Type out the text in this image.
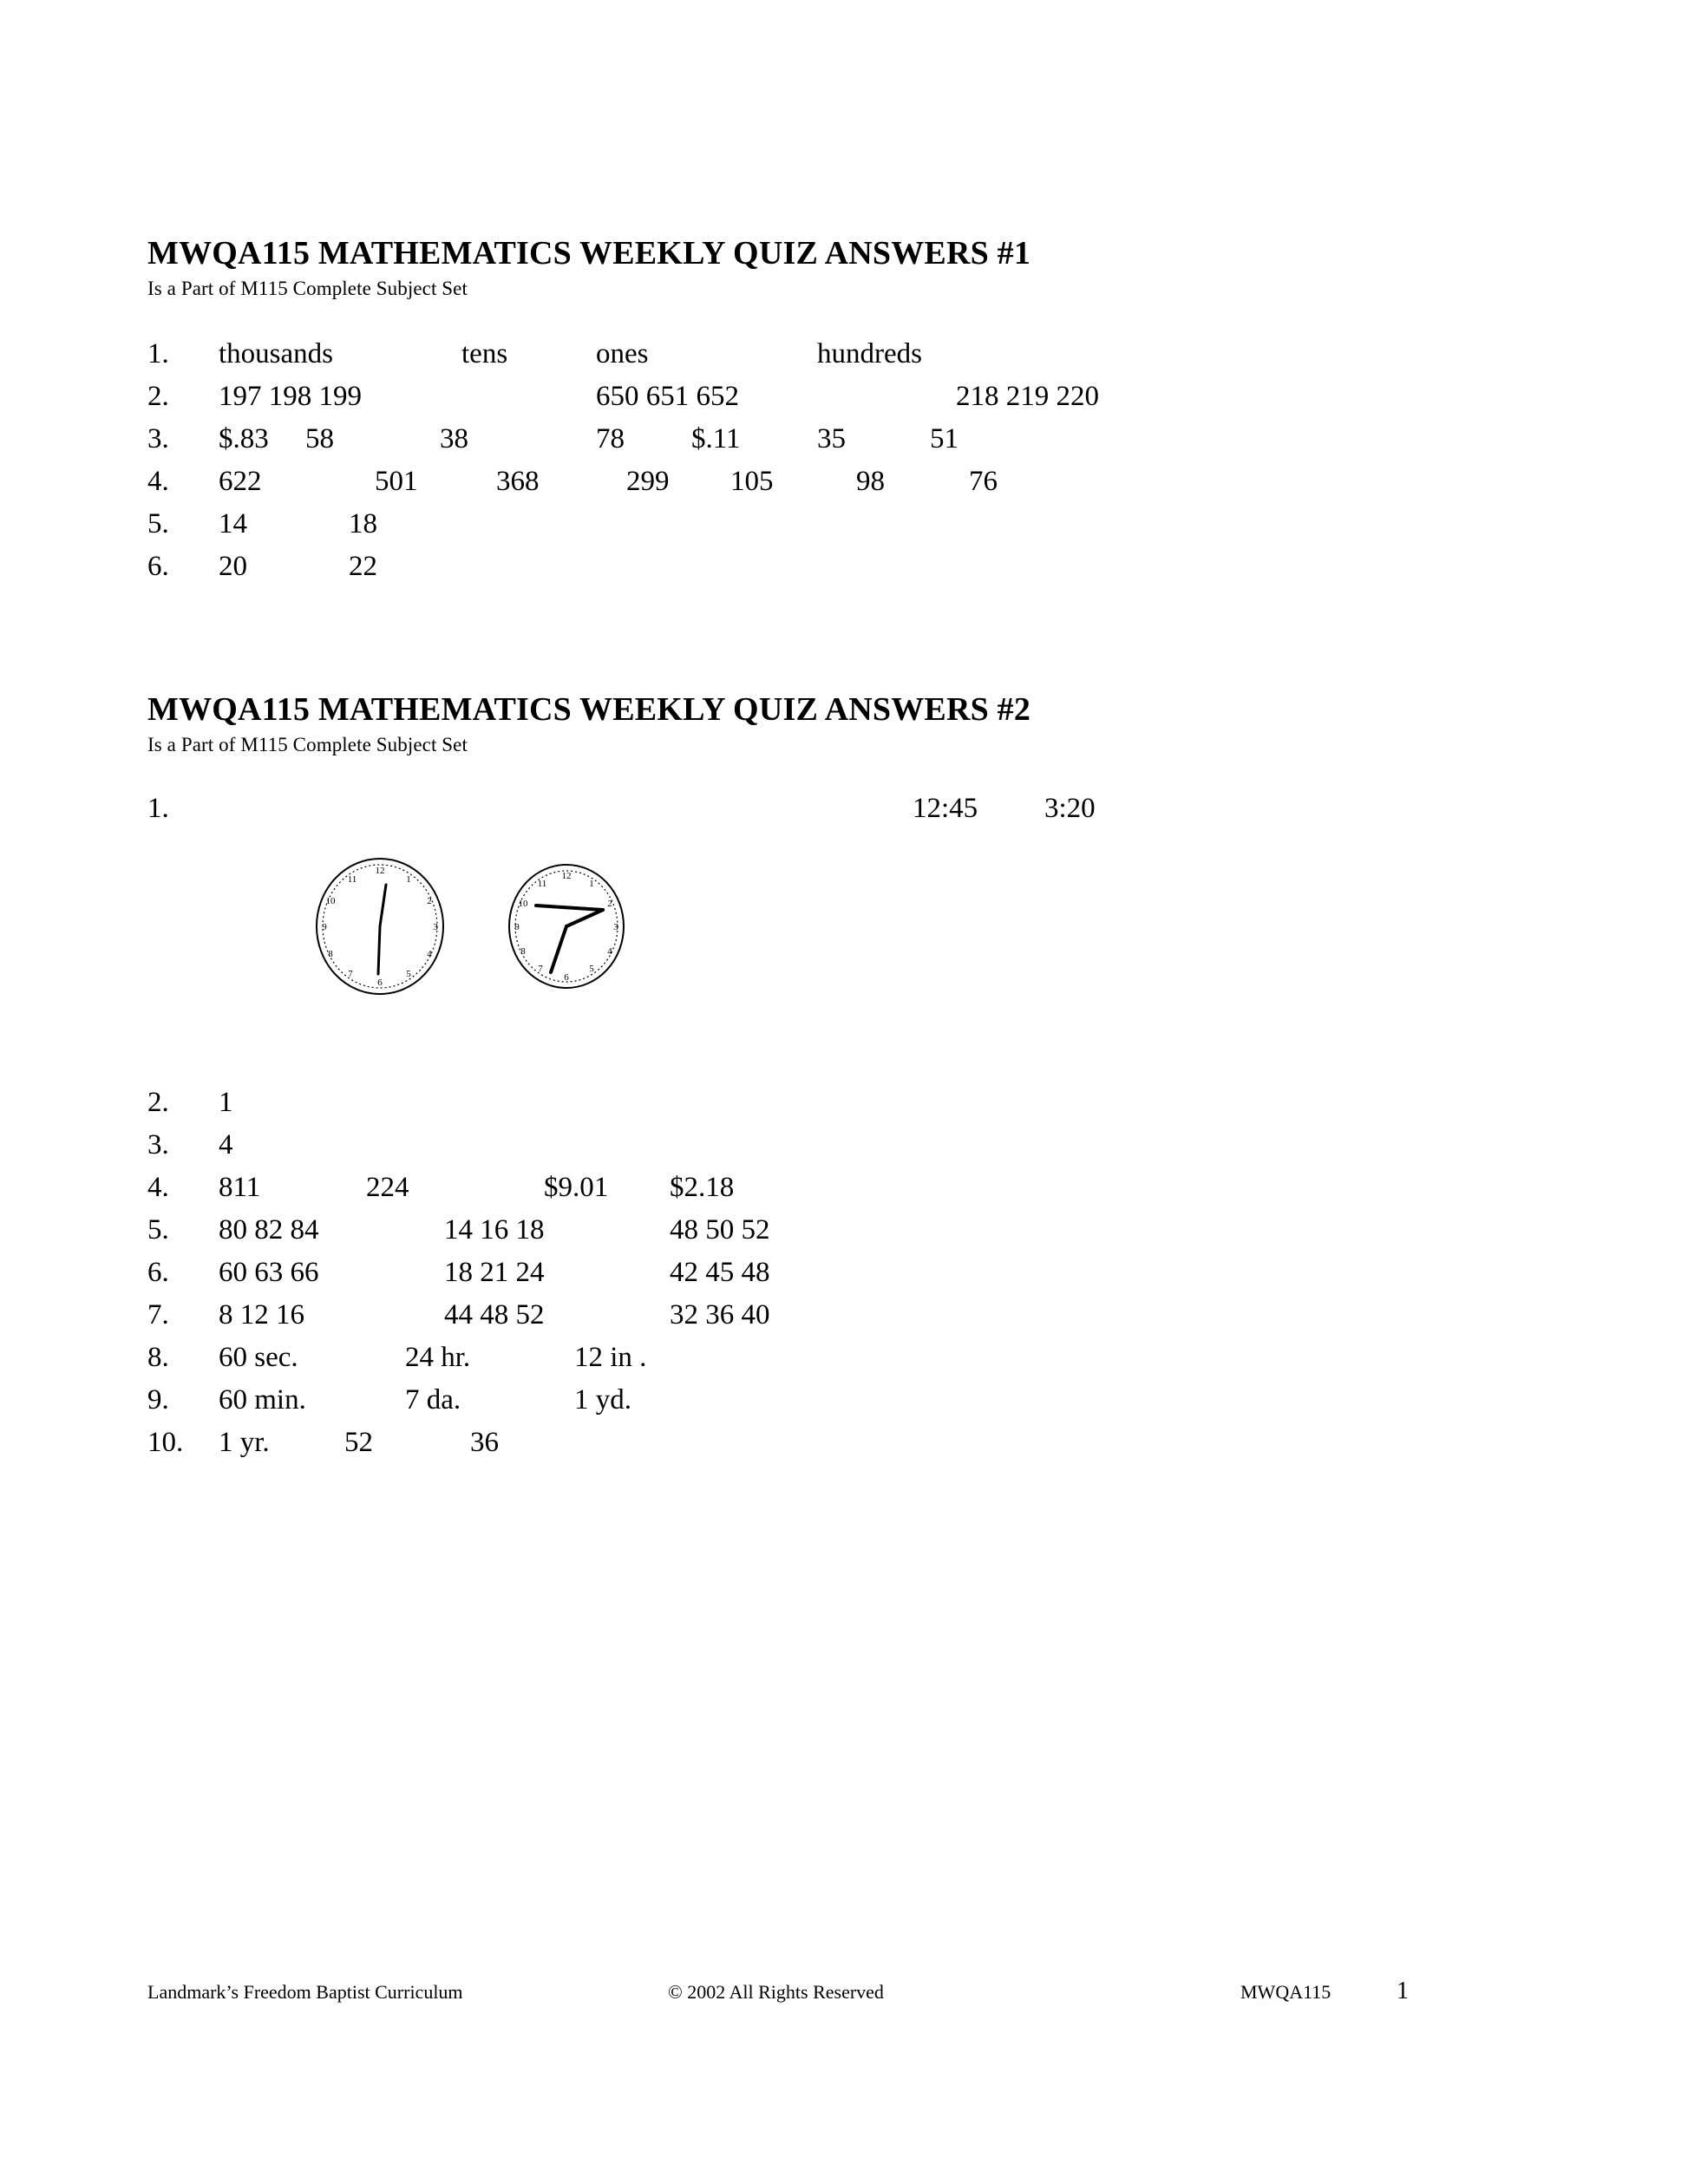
MWQA115 MATHEMATICS WEEKLY QUIZ ANSWERS #1
Is a Part of M115 Complete Subject Set
1.	thousands	tens	ones	hundreds
2.	197 198 199	650 651 652	218 219 220
3.	$.83	58	38	78	$.11	35	51
4.	622	501	368	299	105	98	76
5.	14	18
6.	20	22
MWQA115 MATHEMATICS WEEKLY QUIZ ANSWERS #2
Is a Part of M115 Complete Subject Set
1.	12:45	3:20
12
1
2
3
4
5
6
7
8
9
10
11	12
1
2
3
4
5
6
7
8
9
10
11
2.	1
3.	4
4.	811	224	$9.01	$2.18
5.	80 82 84	14 16 18	48 50 52
6.	60 63 66	18 21 24	42 45 48
7.	8 12 16	44 48 52	32 36 40
8.	60 sec.	24 hr.	12 in .
9.	60 min.	7 da.	1 yd.
10.	1 yr.	52	36
Landmark’s Freedom Baptist Curriculum	© 2002 All Rights Reserved	MWQA115	1
